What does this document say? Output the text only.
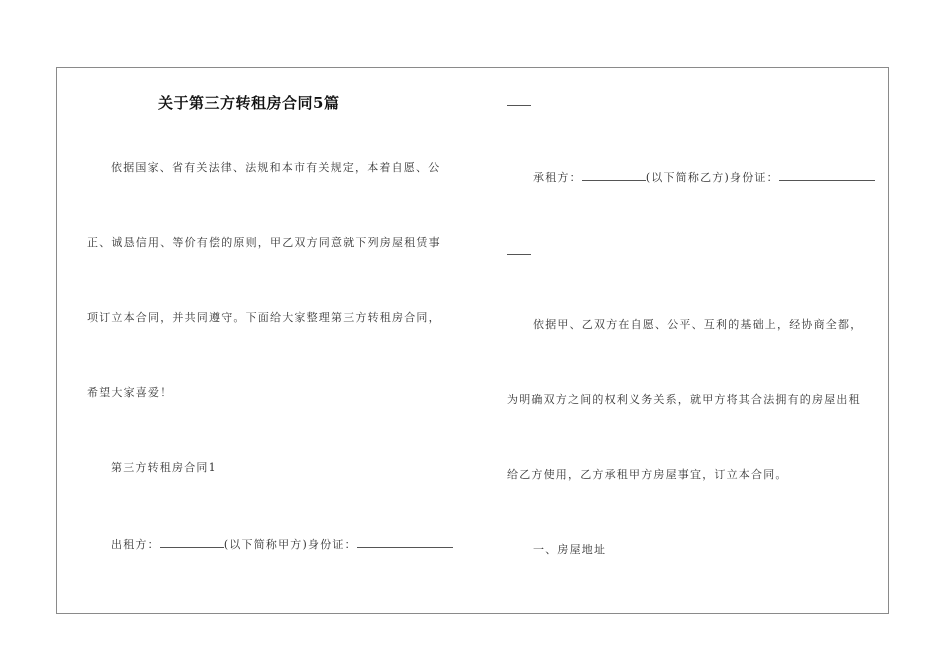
关于第三方转租房合同5篇
依据国家、省有关法律、法规和本市有关规定，本着自愿、公
正、诚恳信用、等价有偿的原则，甲乙双方同意就下列房屋租赁事
项订立本合同，并共同遵守。下面给大家整理第三方转租房合同，
希望大家喜爱！
第三方转租房合同1
出租方：	(以下简称甲方)身份证：
承租方：	(以下简称乙方)身份证：
依据甲、乙双方在自愿、公平、互利的基础上，经协商全都，
为明确双方之间的权利义务关系，就甲方将其合法拥有的房屋出租
给乙方使用，乙方承租甲方房屋事宜，订立本合同。
一、房屋地址
